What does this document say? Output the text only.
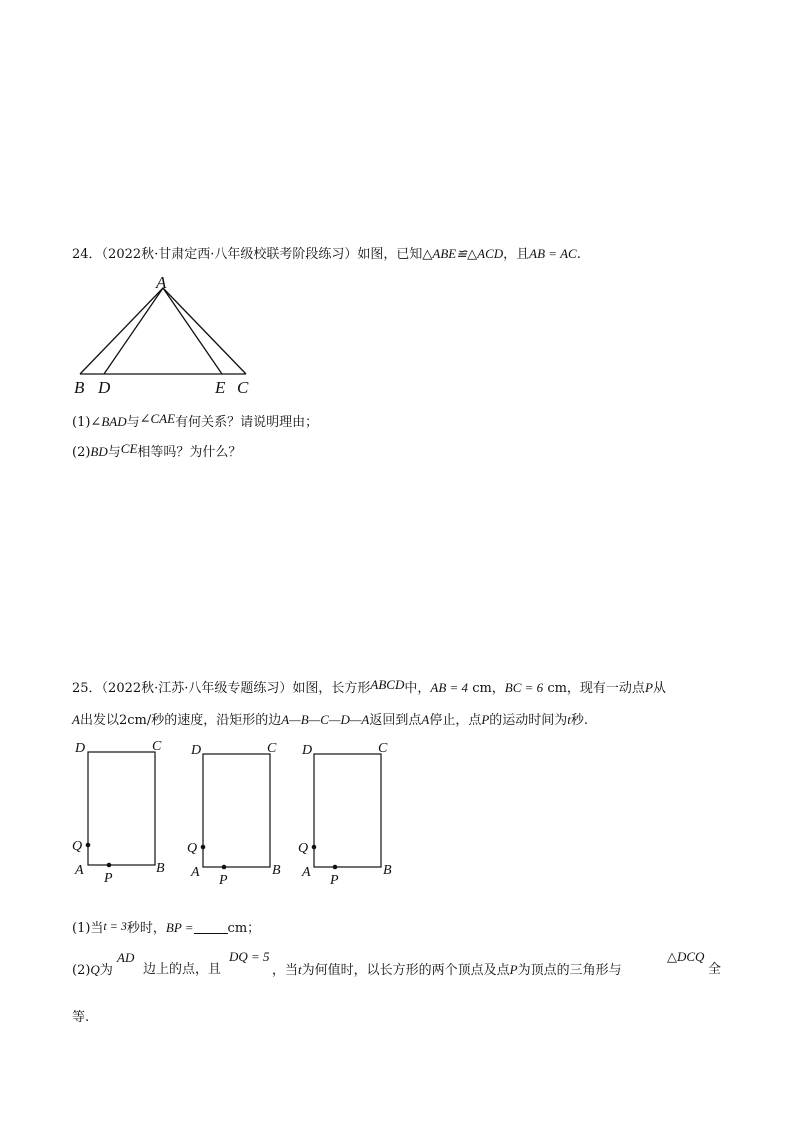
24．（2022秋·甘肃定西·八年级校联考阶段练习）如图，已知△ABE≌△ACD，且AB = AC.
A
B D	E C
(1)∠BAD与∠CAE有何关系？请说明理由；
(2)BD与CE相等吗？为什么？
25．（2022秋·江苏·八年级专题练习）如图，长方形ABCD中，AB = 4 cm，BC = 6 cm，现有一动点P从
A出发以2cm/秒的速度，沿矩形的边A—B—C—D—A返回到点A停止，点P的运动时间为t秒.
D	C
Q
A	B
P
D	C
Q
A	B
P
D	C
Q
A	B
P
(1)当t = 3秒时，BP =	cm；
(2)Q为
AD
边上的点，且
DQ = 5
，当t为何值时，以长方形的两个顶点及点P为顶点的三角形与
△DCQ
全
等.
